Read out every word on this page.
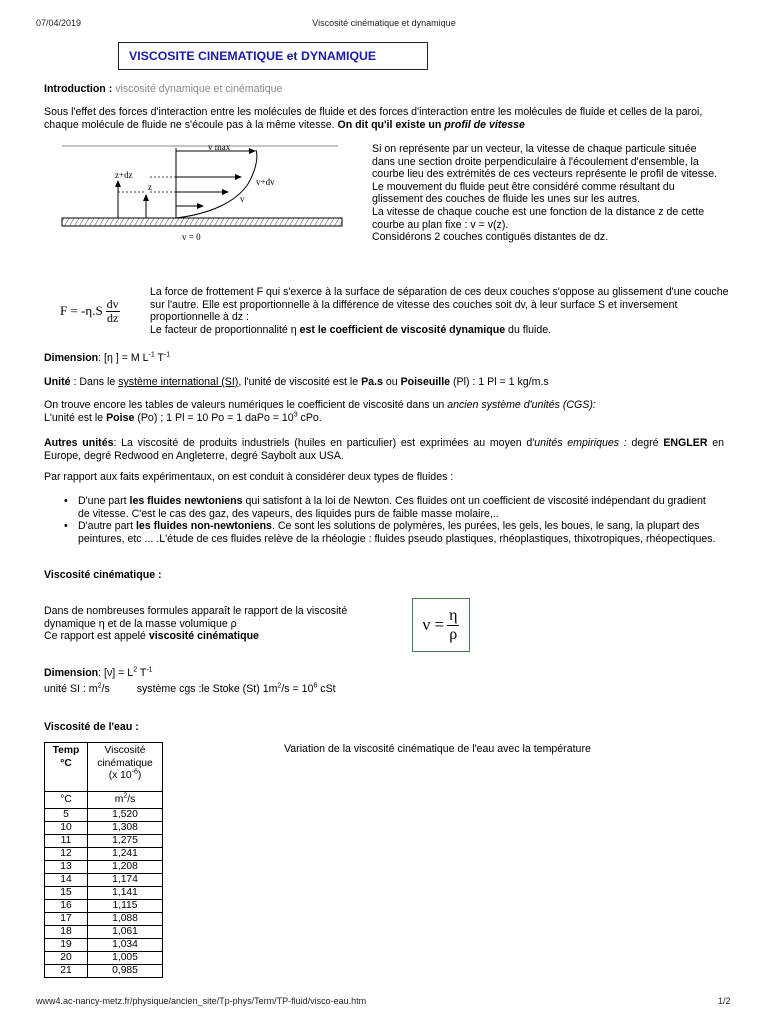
07/04/2019	Viscosité cinématique et dynamique
VISCOSITE CINEMATIQUE et DYNAMIQUE
Introduction : viscosité dynamique et cinématique
Sous l'effet des forces d'interaction entre les molécules de fluide et des forces d'interaction entre les molécules de fluide et celles de la paroi, chaque molécule de fluide ne s'écoule pas à la même vitesse. On dit qu'il existe un profil de vitesse
v max
z+dz
z	v+dv
v
v = 0
Si on représente par un vecteur, la vitesse de chaque particule située dans une section droite perpendiculaire à l'écoulement d'ensemble, la courbe lieu des extrémités de ces vecteurs représente le profil de vitesse.
Le mouvement du fluide peut être considéré comme résultant du glissement des couches de fluide les unes sur les autres.
La vitesse de chaque couche est une fonction de la distance z de cette courbe au plan fixe : v = v(z).
Considérons 2 couches contiguës distantes de dz.
F = -η.S dv
dz
La force de frottement F qui s'exerce à la surface de séparation de ces deux couches s'oppose au glissement d'une couche sur l'autre. Elle est proportionnelle à la différence de vitesse des couches soit dv, à leur surface S et inversement proportionnelle à dz :
Le facteur de proportionnalité η est le coefficient de viscosité dynamique du fluide.
Dimension: [η ] = M $L^{-1}$ $T^{-1}$
Unité : Dans le système international (SI), l'unité de viscosité est le Pa.s ou Poiseuille (Pl) : 1 Pl = 1 kg/m.s
On trouve encore les tables de valeurs numériques le coefficient de viscosité dans un ancien système d'unités (CGS):
L'unité est le Poise (Po) ; 1 Pl = 10 Po = 1 daPo = $10^3$ cPo.
Autres unités: La viscosité de produits industriels (huiles en particulier) est exprimées au moyen d'unités empiriques : degré ENGLER en Europe, degré Redwood en Angleterre, degré Saybolt aux USA.
Par rapport aux faits expérimentaux, on est conduit à considérer deux types de fluides :
• D'une part les fluides newtoniens qui satisfont à la loi de Newton. Ces fluides ont un coefficient de viscosité indépendant du gradient de vitesse. C'est le cas des gaz, des vapeurs, des liquides purs de faible masse molaire,..
• D'autre part les fluides non-newtoniens. Ce sont les solutions de polymères, les purées, les gels, les boues, le sang, la plupart des peintures, etc ... .L'étude de ces fluides relève de la rhéologie : fluides pseudo plastiques, rhéoplastiques, thixotropiques, rhéopectiques.
Viscosité cinématique :
Dans de nombreuses formules apparaît le rapport de la viscosité
dynamique η et de la masse volumique ρ
Ce rapport est appelé viscosité cinématique
$\nu = \frac{\eta}{\rho}$
Dimension: $[\nu] = L^2$ $T^{-1}$
unité SI : $m^2/s$	système cgs :le Stoke (St) $1m^2/s = 10^6$ cSt
Viscosité de l'eau :
Variation de la viscosité cinématique de l'eau avec la température
Temp °C	Viscosité cinématique
(x $10^{-6}$)

°C	$m^2/s$
5	1,520
10	1,308
11	1,275
12	1,241
13	1,208
14	1,174
15	1,141
16	1,115
17	1,088
18	1,061
19	1,034
20	1,005
21	0,985
www4.ac-nancy-metz.fr/physique/ancien_site/Tp-phys/Term/TP-fluid/visco-eau.htm	1/2
